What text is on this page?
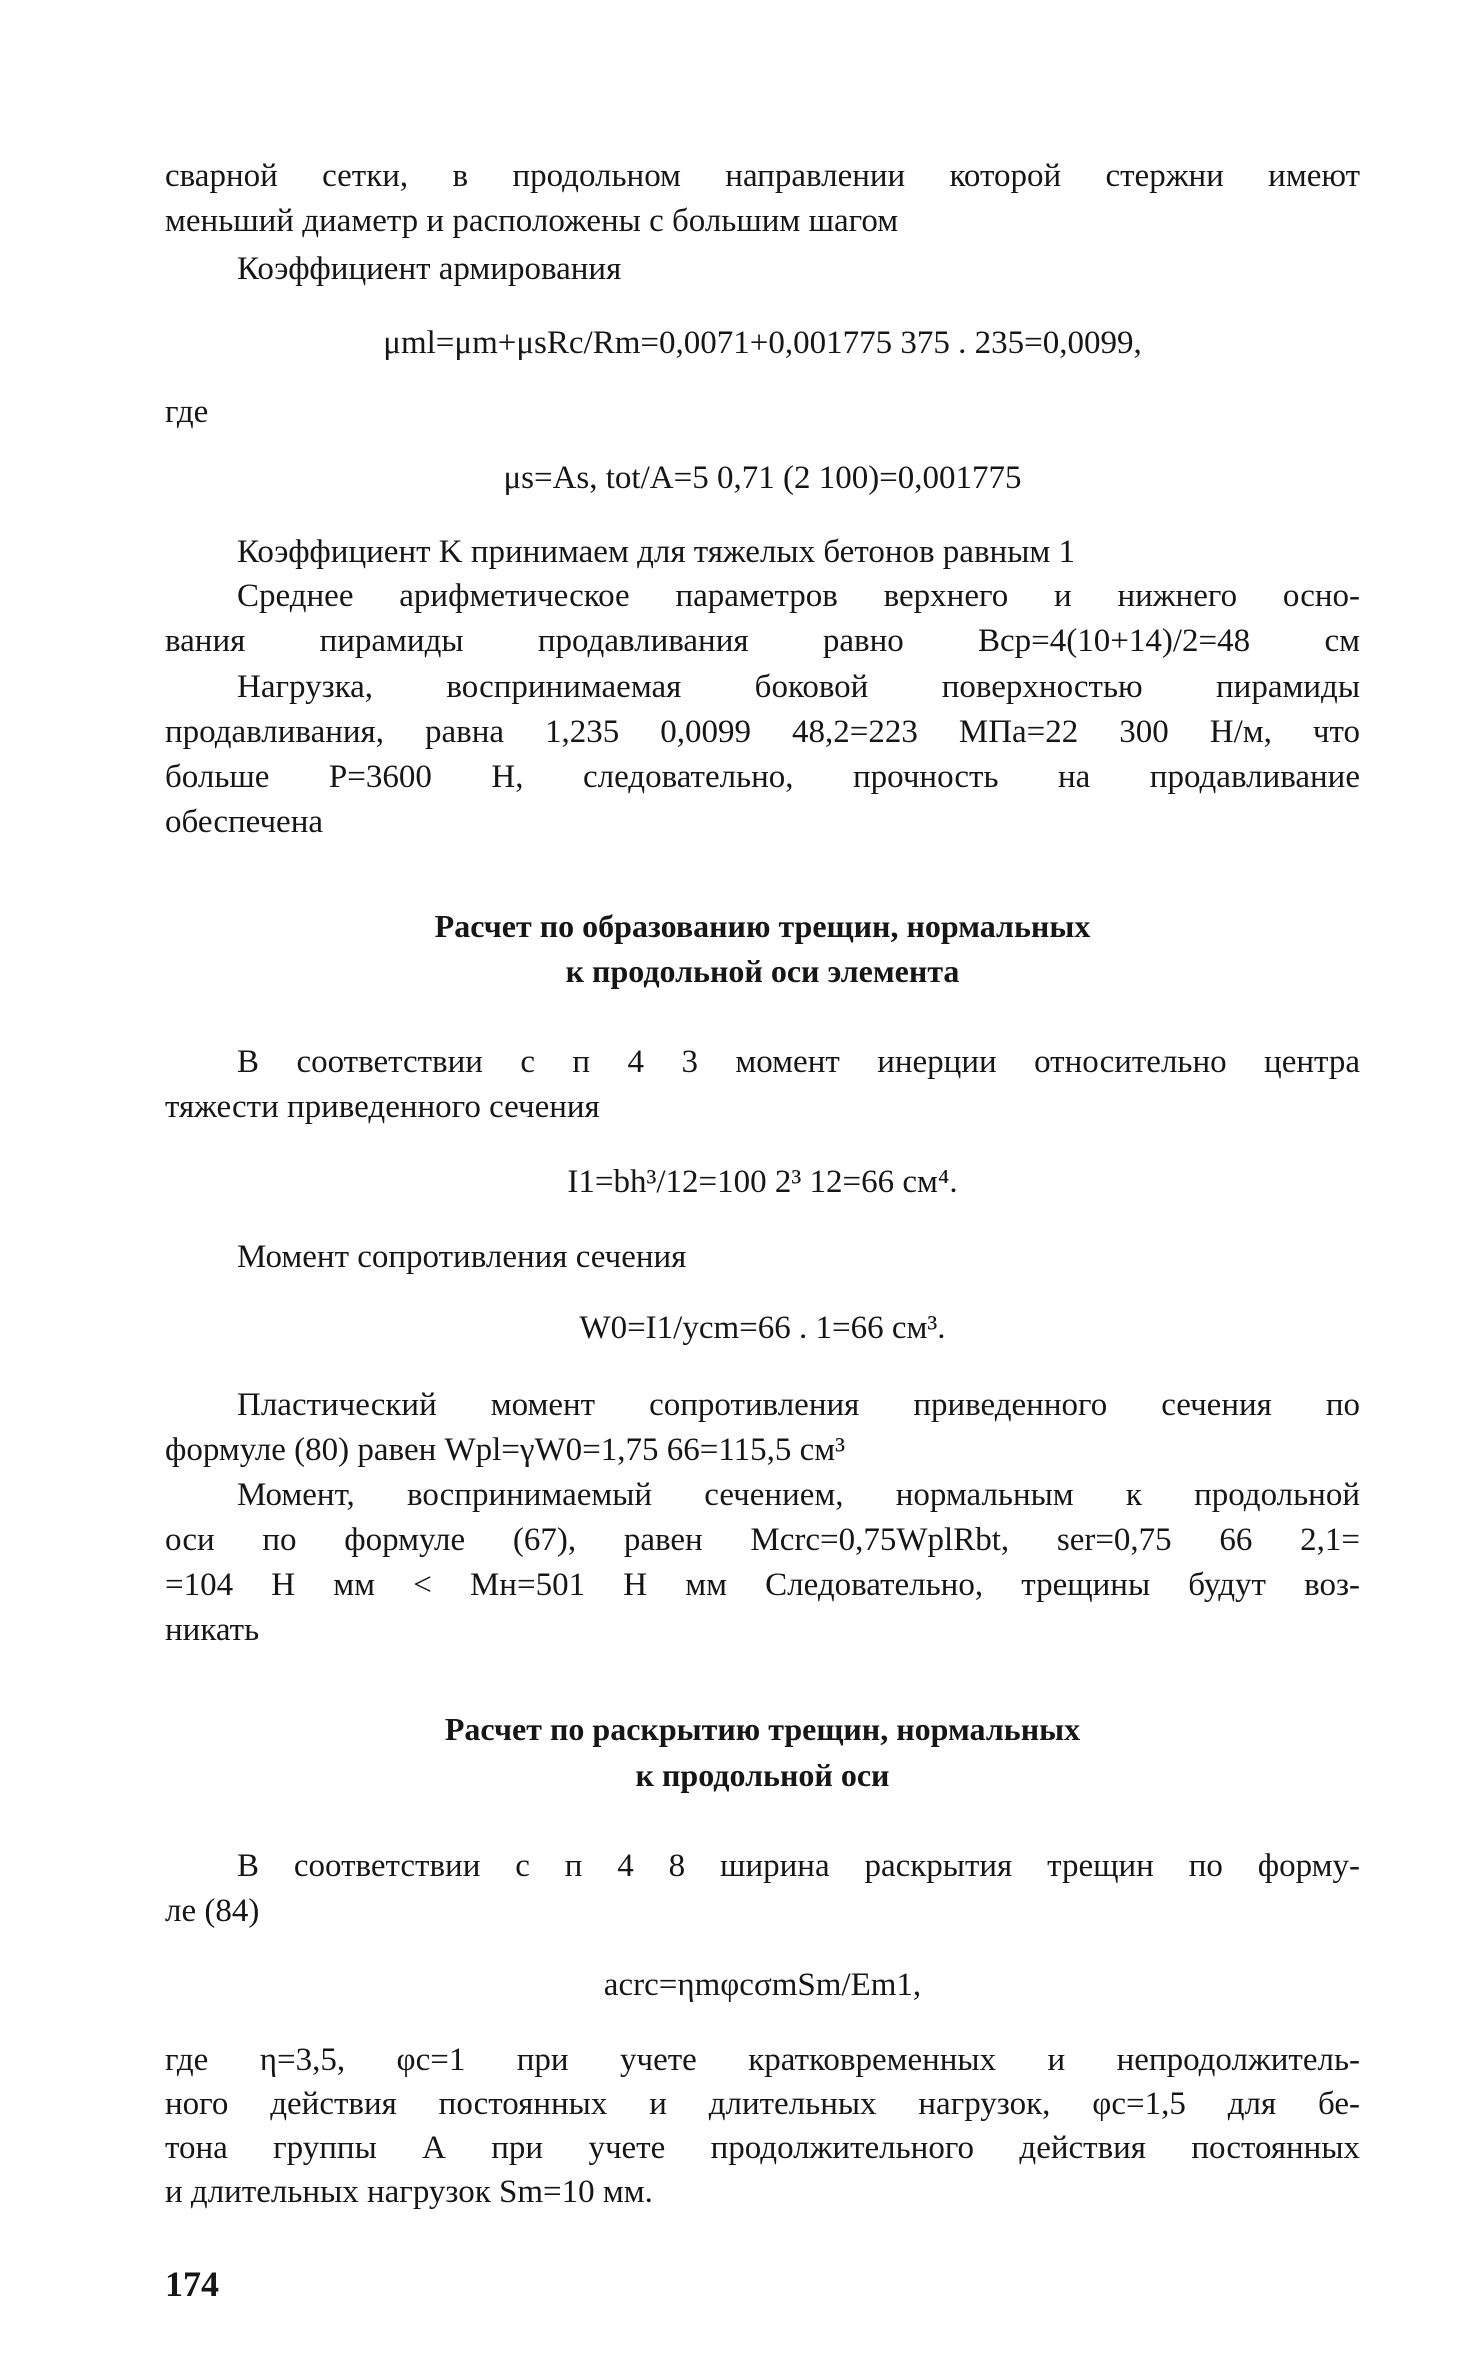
сварной сетки, в продольном направлении которой стержни имеют
меньший диаметр и расположены с большим шагом
Коэффициент армирования
μml=μm+μsRc/Rm=0,0071+0,001775 375 . 235=0,0099,
где
μs=As, tot/A=5 0,71 (2 100)=0,001775
Коэффициент K принимаем для тяжелых бетонов равным 1
Среднее арифметическое параметров верхнего и нижнего осно-
вания пирамиды продавливания равно Bср=4(10+14)/2=48 см
Нагрузка, воспринимаемая боковой поверхностью пирамиды
продавливания, равна 1,235 0,0099 48,2=223 МПа=22 300 Н/м, что
больше P=3600 Н, следовательно, прочность на продавливание
обеспечена
Расчет по образованию трещин, нормальных
к продольной оси элемента
В соответствии с п 4 3 момент инерции относительно центра
тяжести приведенного сечения
I1=bh³/12=100 2³ 12=66 см⁴.
Момент сопротивления сечения
W0=I1/ycm=66 . 1=66 см³.
Пластический момент сопротивления приведенного сечения по
формуле (80) равен Wpl=γW0=1,75 66=115,5 см³
Момент, воспринимаемый сечением, нормальным к продольной
оси по формуле (67), равен Mcrc=0,75WplRbt, ser=0,75 66 2,1=
=104 Н мм < Mн=501 Н мм Следовательно, трещины будут воз-
никать
Расчет по раскрытию трещин, нормальных
к продольной оси
В соответствии с п 4 8 ширина раскрытия трещин по форму-
ле (84)
acrc=ηmφcσmSm/Em1,
где η=3,5, φc=1 при учете кратковременных и непродолжитель-
ного действия постоянных и длительных нагрузок, φc=1,5 для бе-
тона группы А при учете продолжительного действия постоянных
и длительных нагрузок Sm=10 мм.
174
